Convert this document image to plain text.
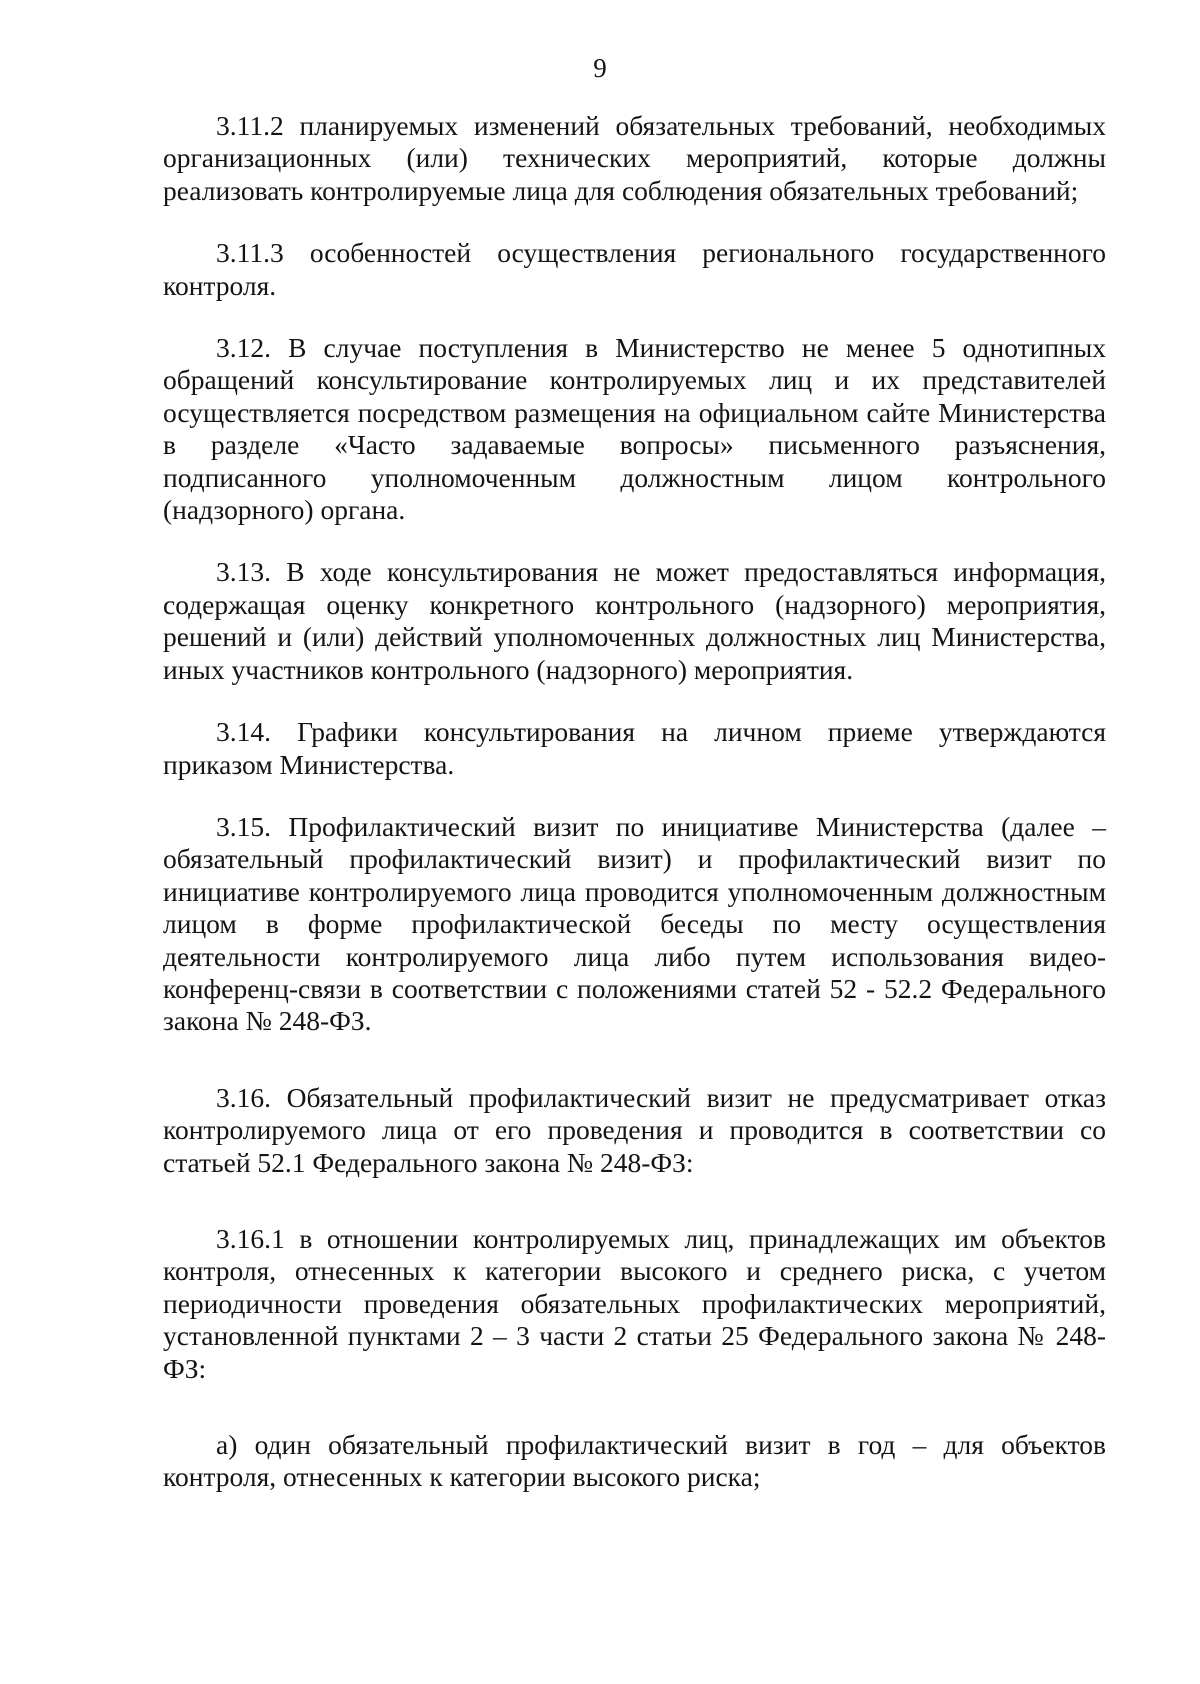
9

3.11.2 планируемых изменений обязательных требований, необходимых организационных (или) технических мероприятий, которые должны реализовать контролируемые лица для соблюдения обязательных требований;

3.11.3 особенностей осуществления регионального государственного контроля.

3.12. В случае поступления в Министерство не менее 5 однотипных обращений консультирование контролируемых лиц и их представителей осуществляется посредством размещения на официальном сайте Министерства в разделе «Часто задаваемые вопросы» письменного разъяснения, подписанного уполномоченным должностным лицом контрольного (надзорного) органа.

3.13. В ходе консультирования не может предоставляться информация, содержащая оценку конкретного контрольного (надзорного) мероприятия, решений и (или) действий уполномоченных должностных лиц Министерства, иных участников контрольного (надзорного) мероприятия.

3.14. Графики консультирования на личном приеме утверждаются приказом Министерства.

3.15. Профилактический визит по инициативе Министерства (далее – обязательный профилактический визит) и профилактический визит по инициативе контролируемого лица проводится уполномоченным должностным лицом в форме профилактической беседы по месту осуществления деятельности контролируемого лица либо путем использования видео-конференц-связи в соответствии с положениями статей 52 - 52.2 Федерального закона № 248-ФЗ.

3.16. Обязательный профилактический визит не предусматривает отказ контролируемого лица от его проведения и проводится в соответствии со статьей 52.1 Федерального закона № 248-ФЗ:

3.16.1 в отношении контролируемых лиц, принадлежащих им объектов контроля, отнесенных к категории высокого и среднего риска, с учетом периодичности проведения обязательных профилактических мероприятий, установленной пунктами 2 – 3 части 2 статьи 25 Федерального закона № 248-ФЗ:

а) один обязательный профилактический визит в год – для объектов контроля, отнесенных к категории высокого риска;
